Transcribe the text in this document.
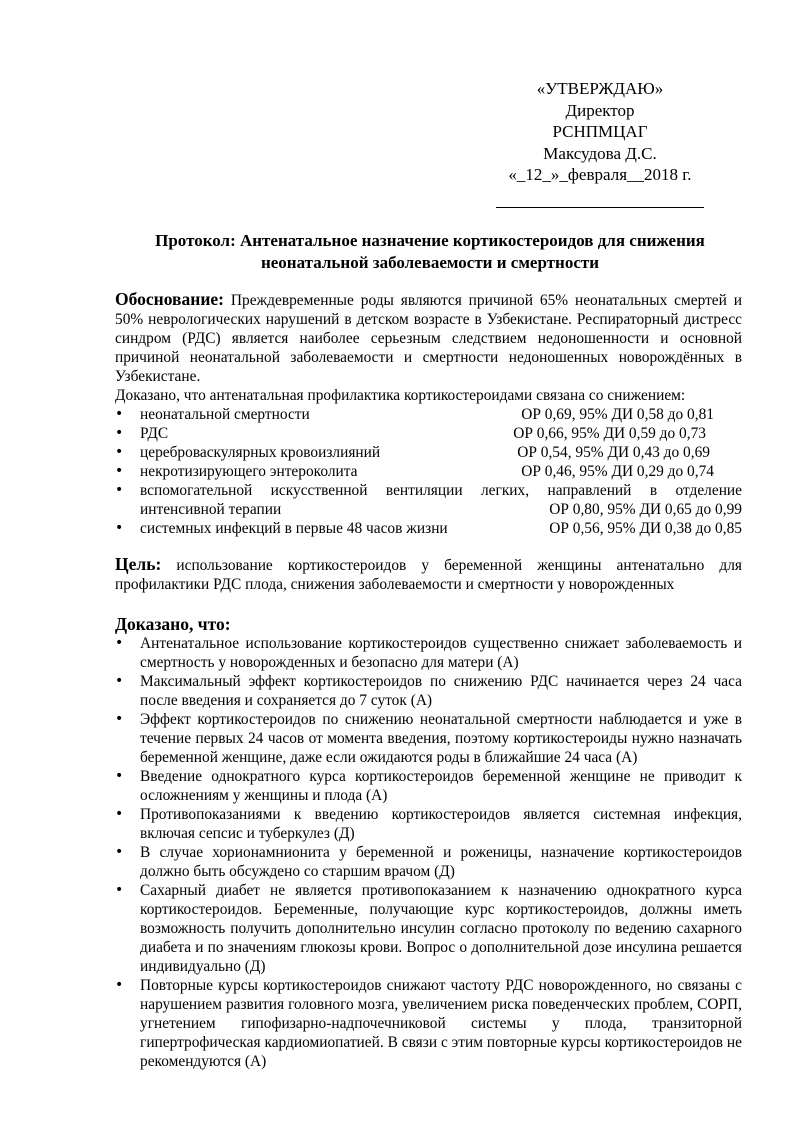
«УТВЕРЖДАЮ»
Директор
РСНПМЦАГ
Максудова Д.С.
«_12_»_февраля__2018 г.
Протокол: Антенатальное назначение кортикостероидов для снижения
неонатальной заболеваемости и смертности
Обоснование: Преждевременные роды являются причиной 65% неонатальных смертей и 50% неврологических нарушений в детском возрасте в Узбекистане. Респираторный дистресс синдром (РДС) является наиболее серьезным следствием недоношенности и основной причиной неонатальной заболеваемости и смертности недоношенных новорождённых в Узбекистане.
Доказано, что антенатальная профилактика кортикостероидами связана со снижением:
• неонатальной смертности	ОР 0,69, 95% ДИ 0,58 до 0,81
• РДС	ОР 0,66, 95% ДИ 0,59 до 0,73
• цереброваскулярных кровоизлияний	ОР 0,54, 95% ДИ 0,43 до 0,69
• некротизирующего энтероколита	ОР 0,46, 95% ДИ 0,29 до 0,74
• вспомогательной искусственной вентиляции легких, направлений в отделение
интенсивной терапии	ОР 0,80, 95% ДИ 0,65 до 0,99
• системных инфекций в первые 48 часов жизни	ОР 0,56, 95% ДИ 0,38 до 0,85
Цель: использование кортикостероидов у беременной женщины антенатально для профилактики РДС плода, снижения заболеваемости и смертности у новорожденных
Доказано, что:
• Антенатальное использование кортикостероидов существенно снижает заболеваемость и смертность у новорожденных и безопасно для матери (А)
• Максимальный эффект кортикостероидов по снижению РДС начинается через 24 часа после введения и сохраняется до 7 суток (А)
• Эффект кортикостероидов по снижению неонатальной смертности наблюдается и уже в течение первых 24 часов от момента введения, поэтому кортикостероиды нужно назначать беременной женщине, даже если ожидаются роды в ближайшие 24 часа (А)
• Введение однократного курса кортикостероидов беременной женщине не приводит к осложнениям у женщины и плода (А)
• Противопоказаниями к введению кортикостероидов является системная инфекция, включая сепсис и туберкулез (Д)
• В случае хорионамнионита у беременной и роженицы, назначение кортикостероидов должно быть обсуждено со старшим врачом (Д)
• Сахарный диабет не является противопоказанием к назначению однократного курса кортикостероидов. Беременные, получающие курс кортикостероидов, должны иметь возможность получить дополнительно инсулин согласно протоколу по ведению сахарного диабета и по значениям глюкозы крови. Вопрос о дополнительной дозе инсулина решается индивидуально (Д)
• Повторные курсы кортикостероидов снижают частоту РДС новорожденного, но связаны с нарушением развития головного мозга, увеличением риска поведенческих проблем, СОРП, угнетением гипофизарно-надпочечниковой системы у плода, транзиторной гипертрофическая кардиомиопатией. В связи с этим повторные курсы кортикостероидов не рекомендуются (А)
